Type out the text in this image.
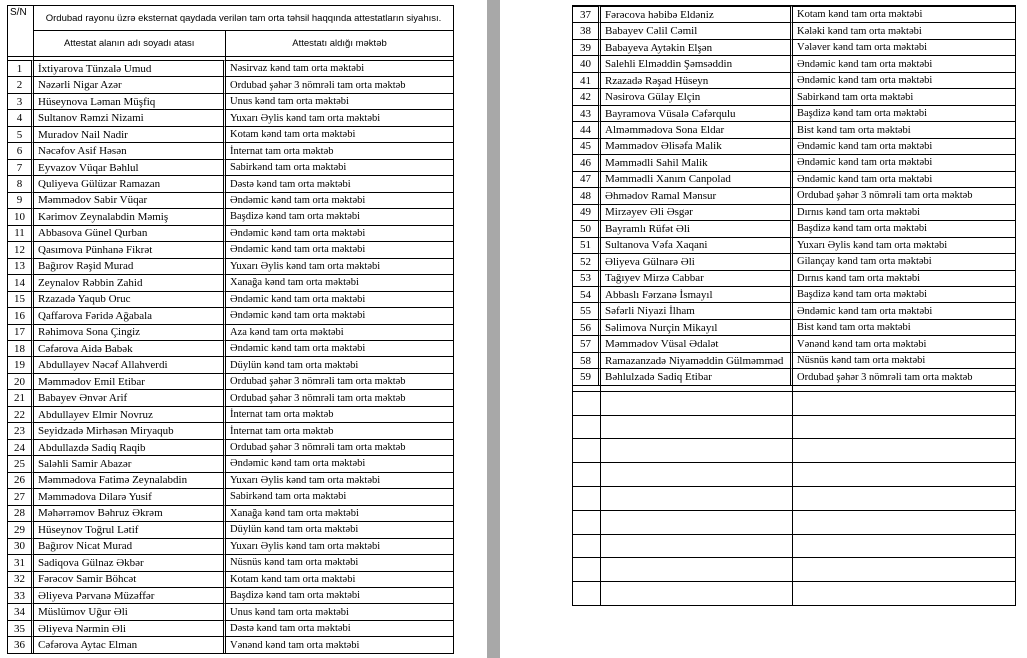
S/N	Ordubad rayonu üzrə eksternat qaydada verilən tam orta təhsil haqqında attestatların siyahısı.	
	Attestat alanın adı soyadı atası	Attestatı aldığı məktəb

1	İxtiyarova Tünzalə Umud	Nəsirvaz kənd tam orta məktəbi
2	Nəzərli Nigar Azər	Ordubad şəhər 3 nömrəli tam orta məktəb
3	Hüseynova Ləman Müşfiq	Unus kənd tam orta məktəbi
4	Sultanov Rəmzi Nizami	Yuxarı Əylis kənd tam orta məktəbi
5	Muradov Nail Nadir	Kotam kənd tam orta məktəbi
6	Nəcəfov Asif Həsən	İnternat tam orta məktəb
7	Eyvazov Vüqar Bəhlul	Sabirkənd tam orta məktəbi
8	Quliyeva Gülüzar Ramazan	Dəstə kənd tam orta məktəbi
9	Məmmədov Sabir Vüqar	Əndəmic kənd tam orta məktəbi
10	Kərimov Zeynalabdin Məmiş	Başdizə kənd tam orta məktəbi
11	Abbasova Günel Qurban	Əndəmic kənd tam orta məktəbi
12	Qasımova Pünhanə Fikrət	Əndəmic kənd tam orta məktəbi
13	Bağırov Rəşid Murad	Yuxarı Əylis kənd tam orta məktəbi
14	Zeynalov Rəbbin Zahid	Xanağa kənd tam orta məktəbi
15	Rzazadə Yaqub Oruc	Əndəmic kənd tam orta məktəbi
16	Qaffarova Fəridə Ağabala	Əndəmic kənd tam orta məktəbi
17	Rəhimova Sona Çingiz	Aza kənd tam orta məktəbi
18	Cəfərova Aidə Babək	Əndəmic kənd tam orta məktəbi
19	Abdullayev Nəcəf Allahverdi	Düylün kənd tam orta məktəbi
20	Məmmədov Emil Etibar	Ordubad şəhər 3 nömrəli tam orta məktəb
21	Babayev Ənvər Arif	Ordubad şəhər 3 nömrəli tam orta məktəb
22	Abdullayev Elmir Novruz	İnternat tam orta məktəb
23	Seyidzadə Mirhəsən Miryaqub	İnternat tam orta məktəb
24	Abdullazdə Sadiq Raqib	Ordubad şəhər 3 nömrəli tam orta məktəb
25	Saləhli Samir Abazər	Əndəmic kənd tam orta məktəbi
26	Məmmədova Fatimə Zeynalabdin	Yuxarı Əylis kənd tam orta məktəbi
27	Məmmədova Dilarə Yusif	Sabirkənd tam orta məktəbi
28	Məhərrəmov Bəhruz Əkrəm	Xanağa kənd tam orta məktəbi
29	Hüseynov Toğrul Lətif	Düylün kənd tam orta məktəbi
30	Bağırov Nicat Murad	Yuxarı Əylis kənd tam orta məktəbi
31	Sadiqova Gülnaz Əkbər	Nüsnüs kənd tam orta məktəbi
32	Fərəcov Samir Böhcət	Kotam kənd tam orta məktəbi
33	Əliyeva Pərvanə Müzəffər	Başdizə kənd tam orta məktəbi
34	Müslümov Uğur Əli	Unus kənd tam orta məktəbi
35	Əliyeva Nərmin Əli	Dəstə kənd tam orta məktəbi
36	Cəfərova Aytac Elman	Vənənd kənd tam orta məktəbi
37	Fərəcova həbibə Eldəniz	Kotam kənd tam orta məktəbi
38	Babayev Cəlil Cəmil	Kələki kənd tam orta məktəbi
39	Babayeva Aytəkin Elşən	Vələver kənd tam orta məktəbi
40	Salehli Elməddin Şəmsəddin	Əndəmic kənd tam orta məktəbi
41	Rzazadə Rəşad Hüseyn	Əndəmic kənd tam orta məktəbi
42	Nəsirova Gülay Elçin	Sabirkənd tam orta məktəbi
43	Bayramova Vüsalə Cəfərqulu	Başdizə kənd tam orta məktəbi
44	Alməmmədova Sona Eldar	Bist kənd tam orta məktəbi
45	Məmmədov Əlisəfa Malik	Əndəmic kənd tam orta məktəbi
46	Məmmədli Sahil Malik	Əndəmic kənd tam orta məktəbi
47	Məmmədli Xanım Canpolad	Əndəmic kənd tam orta məktəbi
48	Əhmədov Ramal Mənsur	Ordubad şəhər 3 nömrəli tam orta məktəb
49	Mirzəyev Əli Əsgər	Dırnıs kənd tam orta məktəbi
50	Bayramlı Rüfət Əli	Başdizə kənd tam orta məktəbi
51	Sultanova Vəfa Xaqani	Yuxarı Əylis kənd tam orta məktəbi
52	Əliyeva Gülnarə Əli	Gilançay kənd tam orta məktəbi
53	Tağıyev Mirzə Cabbar	Dırnıs kənd tam orta məktəbi
54	Abbaslı Fərzanə İsmayıl	Başdizə kənd tam orta məktəbi
55	Səfərli Niyazi İlham	Əndəmic kənd tam orta məktəbi
56	Səlimova Nurçin Mikayıl	Bist kənd tam orta məktəbi
57	Məmmədov Vüsal Ədalət	Vənənd kənd tam orta məktəbi
58	Ramazanzadə Niyaməddin Gülməmməd	Nüsnüs kənd tam orta məktəbi
59	Bəhlulzadə Sadiq Etibar	Ordubad şəhər 3 nömrəli tam orta məktəb
